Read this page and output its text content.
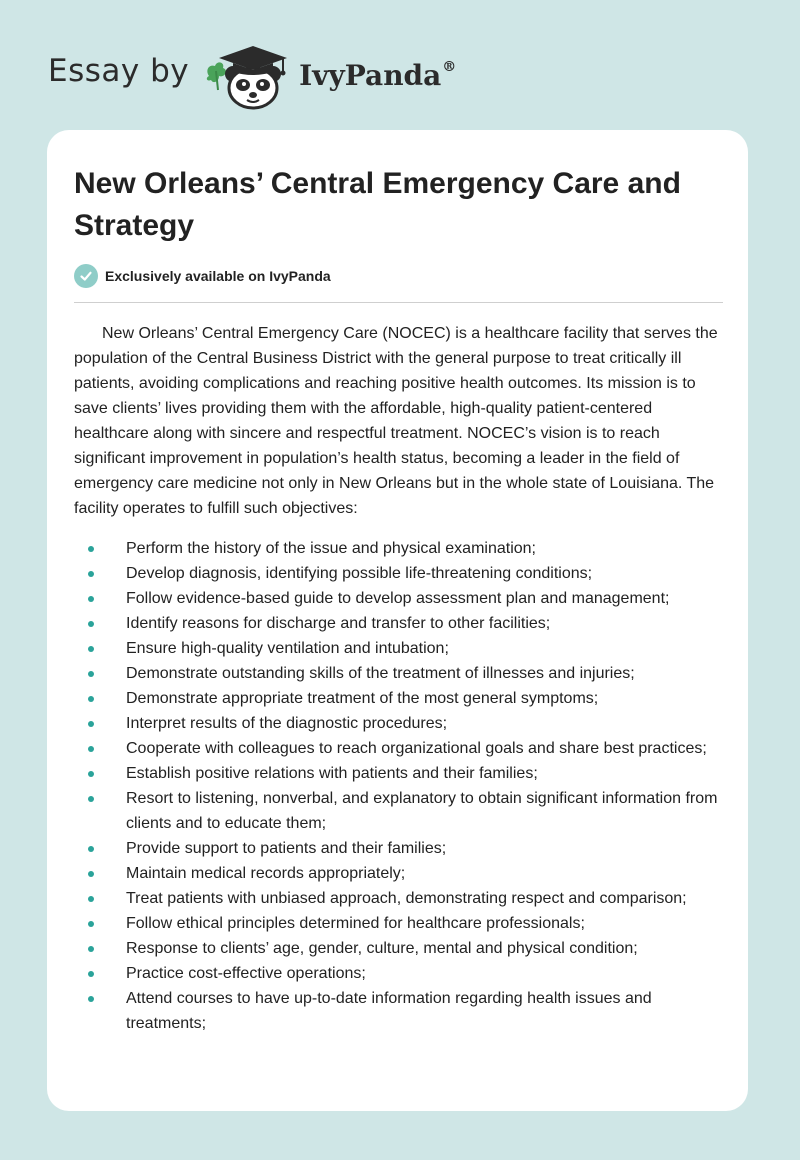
Essay by	IvyPanda®
New Orleans’ Central Emergency Care and Strategy
Exclusively available on IvyPanda

New Orleans’ Central Emergency Care (NOCEC) is a healthcare facility that serves the population of the Central Business District with the general purpose to treat critically ill patients, avoiding complications and reaching positive health outcomes. Its mission is to save clients’ lives providing them with the affordable, high-quality patient-centered healthcare along with sincere and respectful treatment. NOCEC’s vision is to reach significant improvement in population’s health status, becoming a leader in the field of emergency care medicine not only in New Orleans but in the whole state of Louisiana. The facility operates to fulfill such objectives:

Perform the history of the issue and physical examination;
Develop diagnosis, identifying possible life-threatening conditions;
Follow evidence-based guide to develop assessment plan and management;
Identify reasons for discharge and transfer to other facilities;
Ensure high-quality ventilation and intubation;
Demonstrate outstanding skills of the treatment of illnesses and injuries;
Demonstrate appropriate treatment of the most general symptoms;
Interpret results of the diagnostic procedures;
Cooperate with colleagues to reach organizational goals and share best practices;
Establish positive relations with patients and their families;
Resort to listening, nonverbal, and explanatory to obtain significant information from clients and to educate them;
Provide support to patients and their families;
Maintain medical records appropriately;
Treat patients with unbiased approach, demonstrating respect and comparison;
Follow ethical principles determined for healthcare professionals;
Response to clients’ age, gender, culture, mental and physical condition;
Practice cost-effective operations;
Attend courses to have up-to-date information regarding health issues and treatments;
